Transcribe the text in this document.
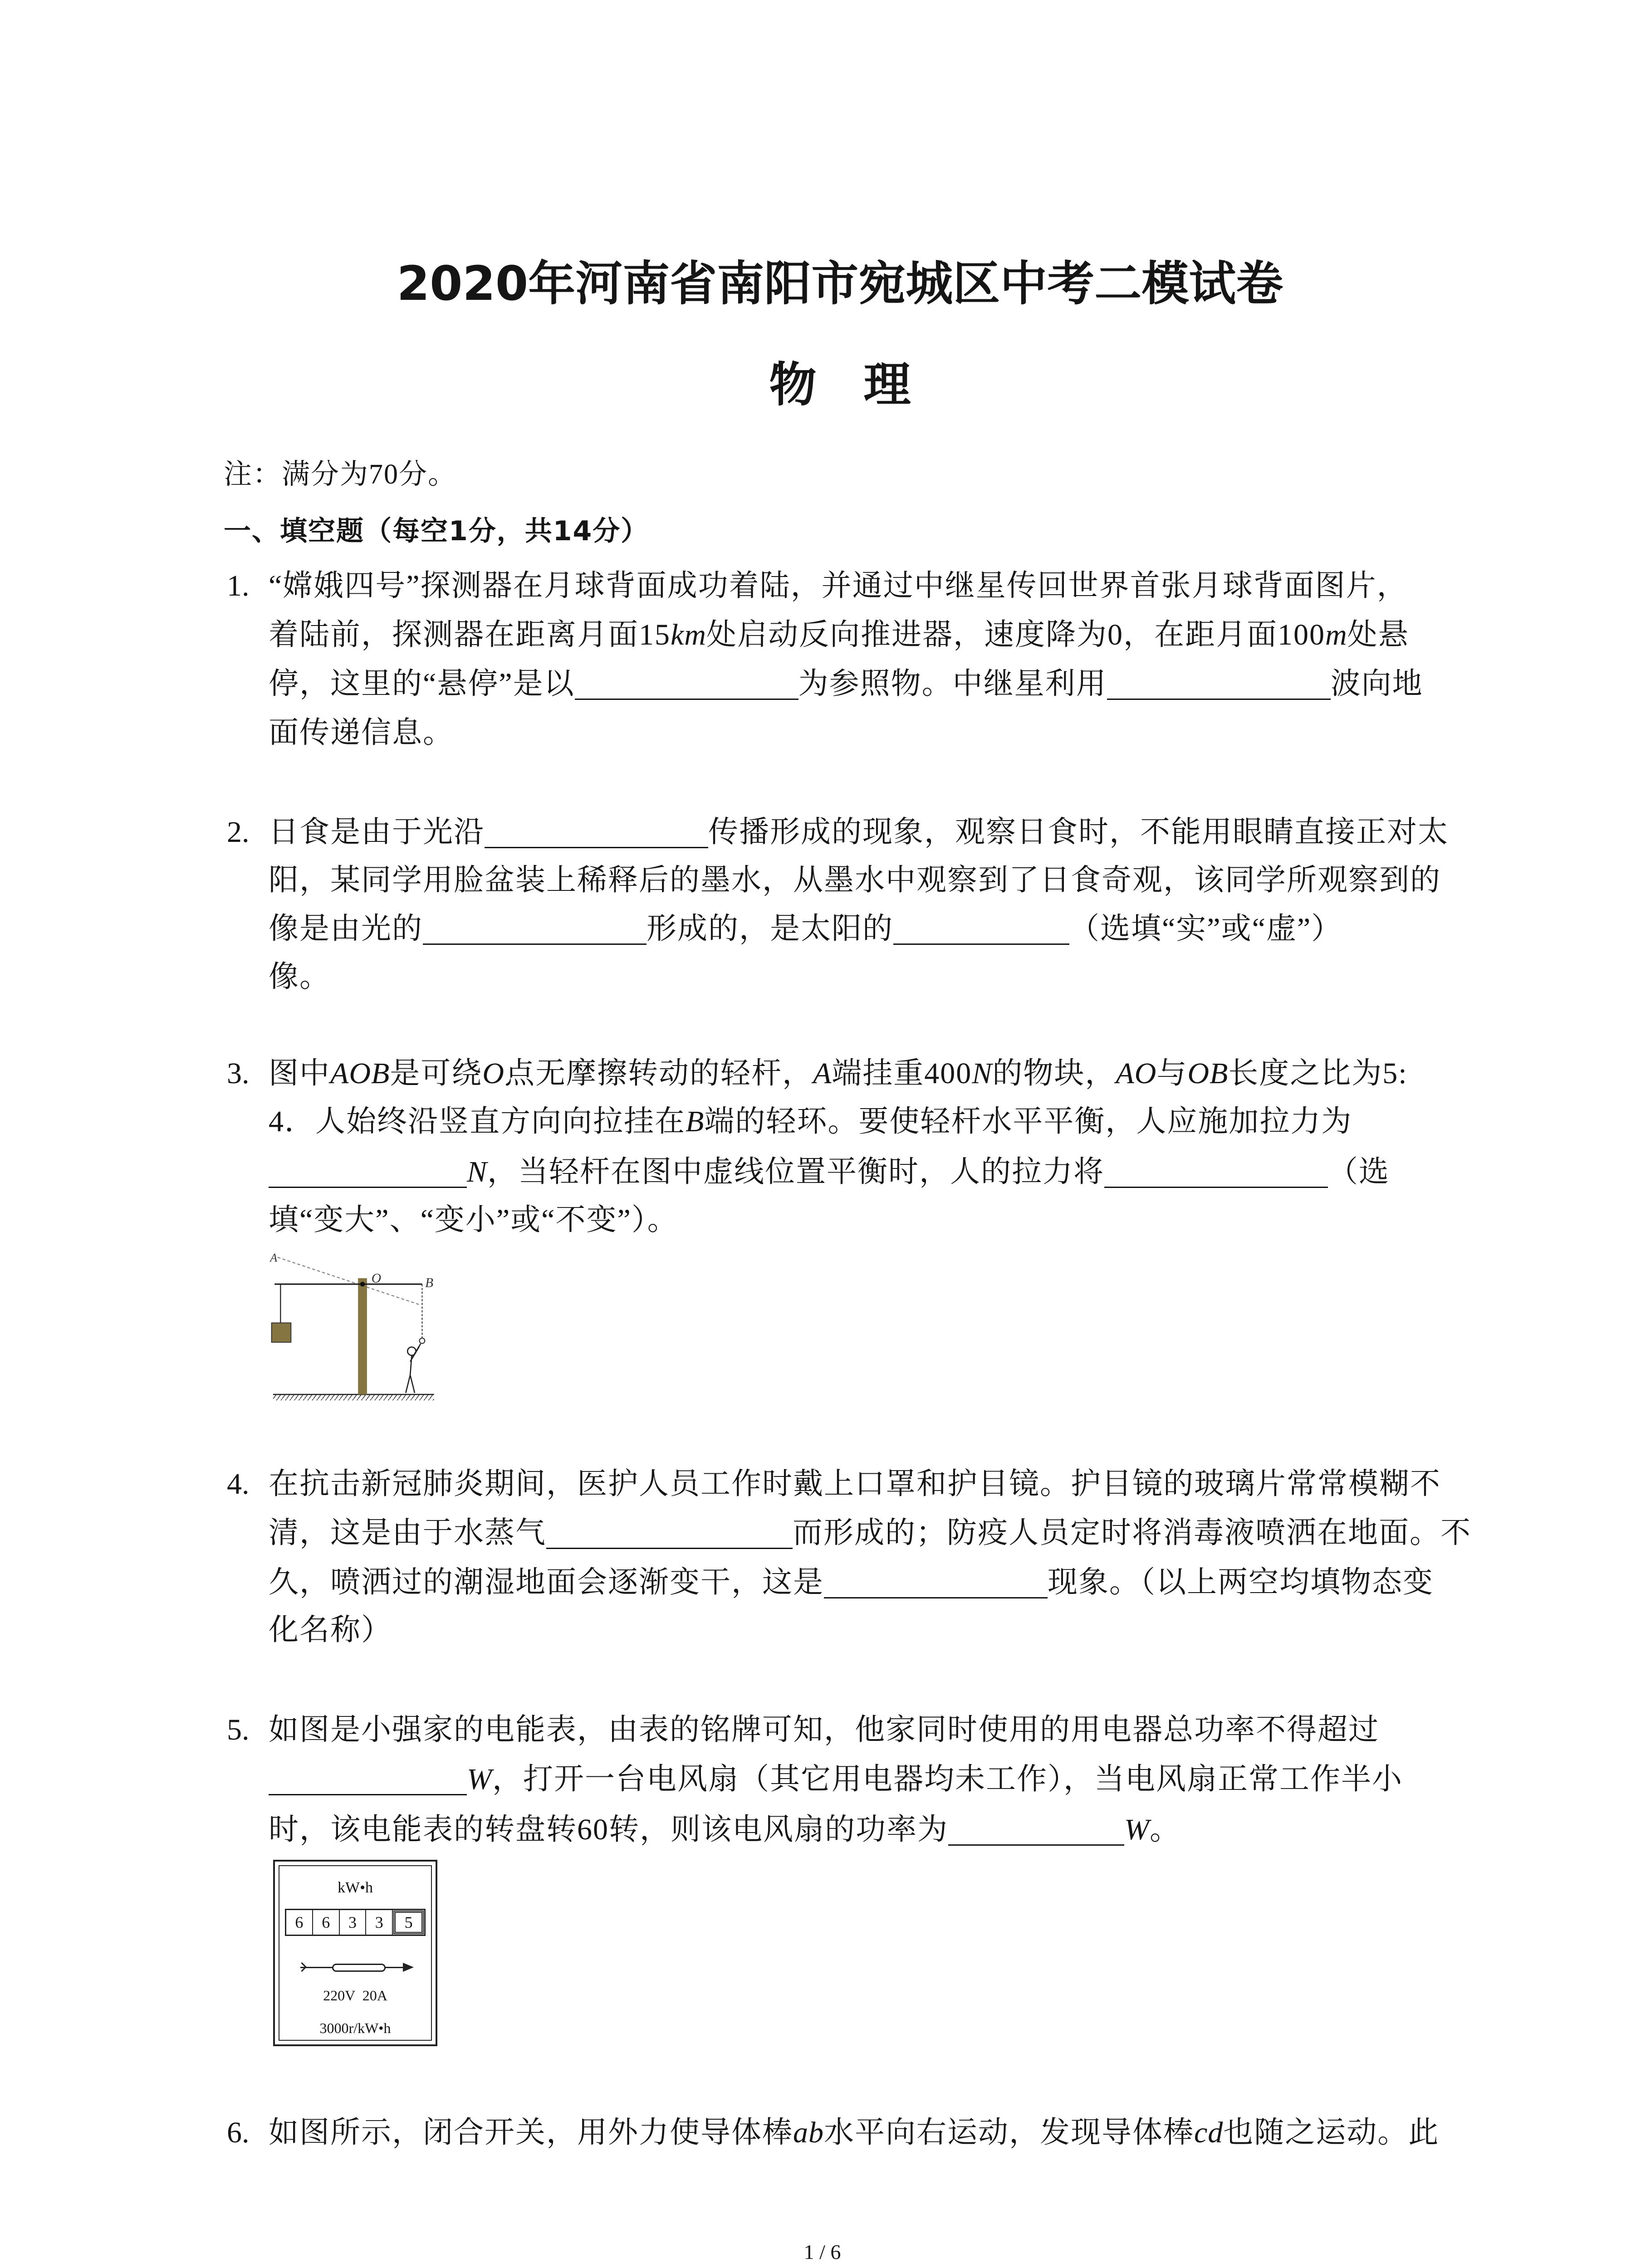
2020年河南省南阳市宛城区中考二模试卷
物　理
注：满分为70分。
一、填空题（每空1分，共14分）
1. “嫦娥四号”探测器在月球背面成功着陆，并通过中继星传回世界首张月球背面图片，
着陆前，探测器在距离月面15km处启动反向推进器，速度降为0，在距月面100m处悬
停，这里的“悬停”是以	为参照物。中继星利用	波向地
面传递信息。
2. 日食是由于光沿	传播形成的现象，观察日食时，不能用眼睛直接正对太
阳，某同学用脸盆装上稀释后的墨水，从墨水中观察到了日食奇观，该同学所观察到的
像是由光的	形成的，是太阳的	（选填“实”或“虚”）
像。
3. 图中AOB是可绕O点无摩擦转动的轻杆，A端挂重400N的物块，AO与OB长度之比为5:
4．人始终沿竖直方向向拉挂在B端的轻环。要使轻杆水平平衡，人应施加拉力为
N，当轻杆在图中虚线位置平衡时，人的拉力将	（选
填“变大”、“变小”或“不变”）。
A
O	B
4. 在抗击新冠肺炎期间，医护人员工作时戴上口罩和护目镜。护目镜的玻璃片常常模糊不
清，这是由于水蒸气	而形成的；防疫人员定时将消毒液喷洒在地面。不
久，喷洒过的潮湿地面会逐渐变干，这是	现象。（以上两空均填物态变
化名称）
5. 如图是小强家的电能表，由表的铭牌可知，他家同时使用的用电器总功率不得超过
W，打开一台电风扇（其它用电器均未工作），当电风扇正常工作半小
时，该电能表的转盘转60转，则该电风扇的功率为	W。
kW•h
6	6	3	3	5
220V  20A
3000r/kW•h
6. 如图所示，闭合开关，用外力使导体棒ab水平向右运动，发现导体棒cd也随之运动。此
1 / 6
